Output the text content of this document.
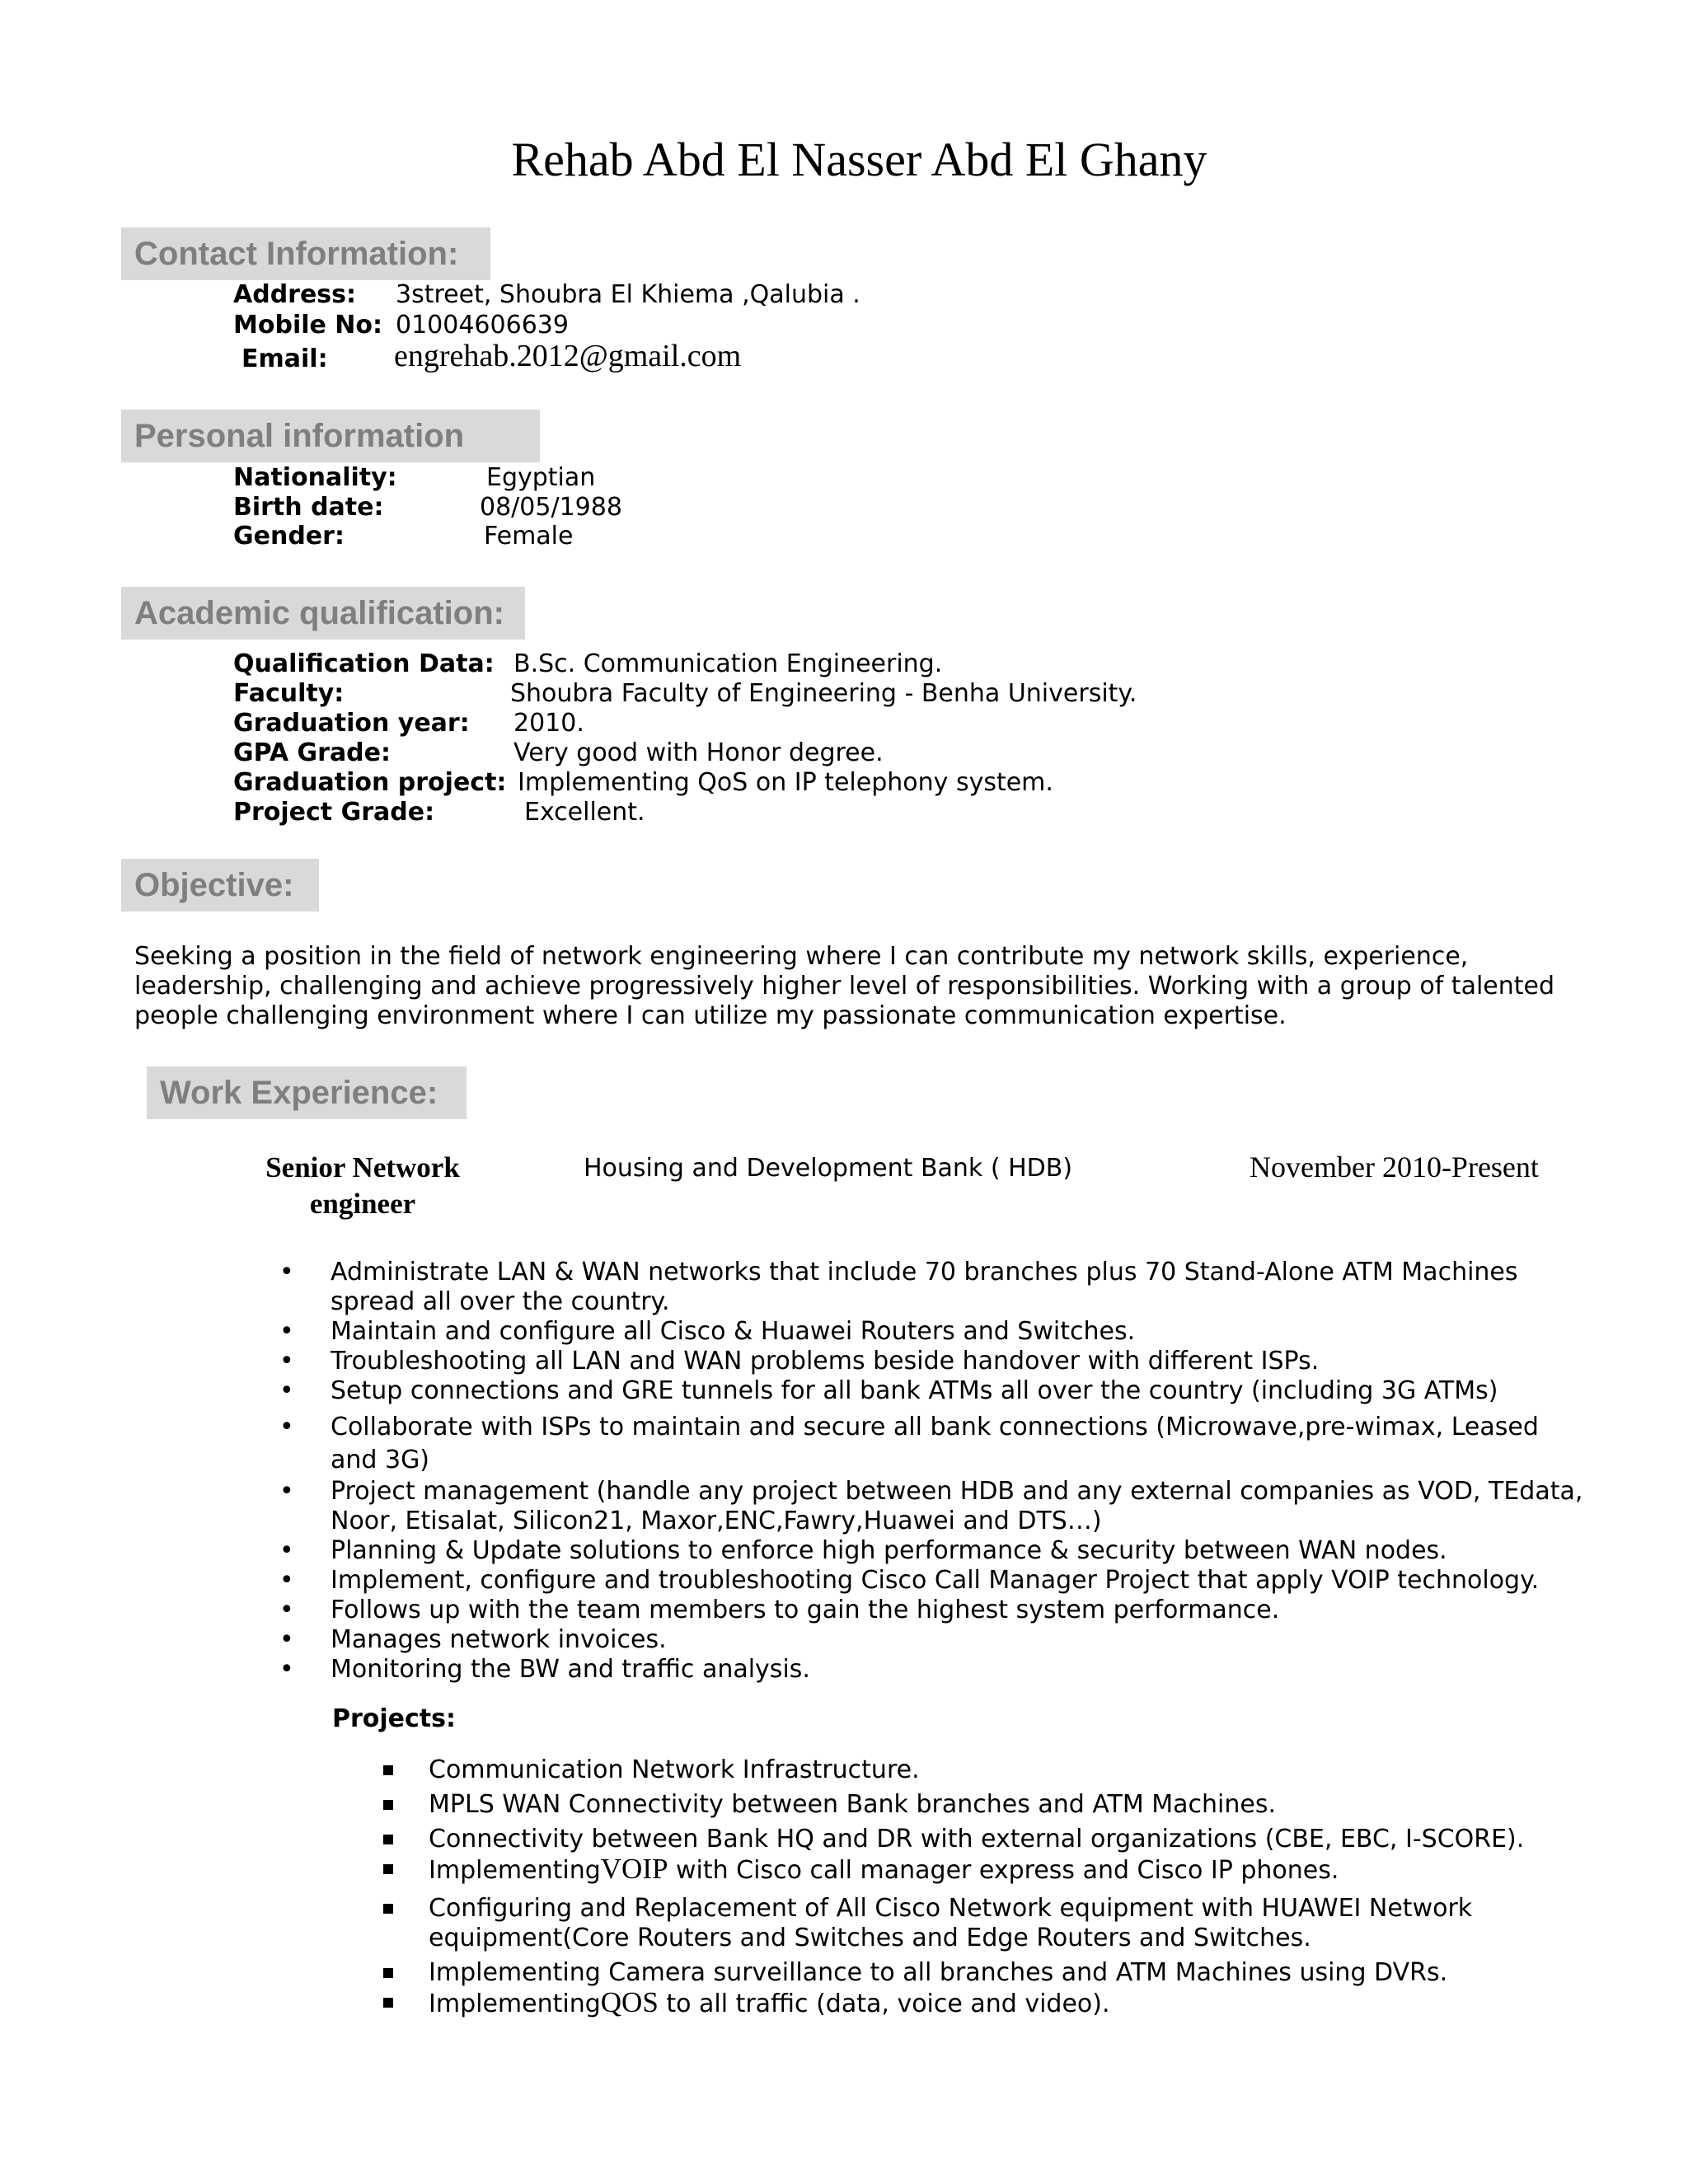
Rehab Abd El Nasser Abd El Ghany
Contact Information:
Address: 3street, Shoubra El Khiema ,Qalubia .
Mobile No: 01004606639
Email: engrehab.2012@gmail.com
Personal information
Nationality:	Egyptian
Birth date:	08/05/1988
Gender:	Female
Academic qualification:
Qualification Data: B.Sc. Communication Engineering.
Faculty:	Shoubra Faculty of Engineering - Benha University.
Graduation year: 2010.
GPA Grade:	Very good with Honor degree.
Graduation project: Implementing QoS on IP telephony system.
Project Grade:	Excellent.
Objective:
Seeking a position in the field of network engineering where I can contribute my network skills, experience,
leadership, challenging and achieve progressively higher level of responsibilities. Working with a group of talented
people challenging environment where I can utilize my passionate communication expertise.
Work Experience:
Senior Network
engineer
Housing and Development Bank ( HDB)	November 2010-Present
• Administrate LAN & WAN networks that include 70 branches plus 70 Stand-Alone ATM Machines
spread all over the country.
• Maintain and configure all Cisco & Huawei Routers and Switches.
• Troubleshooting all LAN and WAN problems beside handover with different ISPs.
• Setup connections and GRE tunnels for all bank ATMs all over the country (including 3G ATMs)
• Collaborate with ISPs to maintain and secure all bank connections (Microwave,pre-wimax, Leased
and 3G)
• Project management (handle any project between HDB and any external companies as VOD, TEdata,
Noor, Etisalat, Silicon21, Maxor,ENC,Fawry,Huawei and DTS…)
• Planning & Update solutions to enforce high performance & security between WAN nodes.
• Implement, configure and troubleshooting Cisco Call Manager Project that apply VOIP technology.
• Follows up with the team members to gain the highest system performance.
• Manages network invoices.
• Monitoring the BW and traffic analysis.
Projects:
Communication Network Infrastructure.
MPLS WAN Connectivity between Bank branches and ATM Machines.
Connectivity between Bank HQ and DR with external organizations (CBE, EBC, I-SCORE).
ImplementingVOIP with Cisco call manager express and Cisco IP phones.
Configuring and Replacement of All Cisco Network equipment with HUAWEI Network
equipment(Core Routers and Switches and Edge Routers and Switches.
Implementing Camera surveillance to all branches and ATM Machines using DVRs.
ImplementingQOS to all traffic (data, voice and video).
